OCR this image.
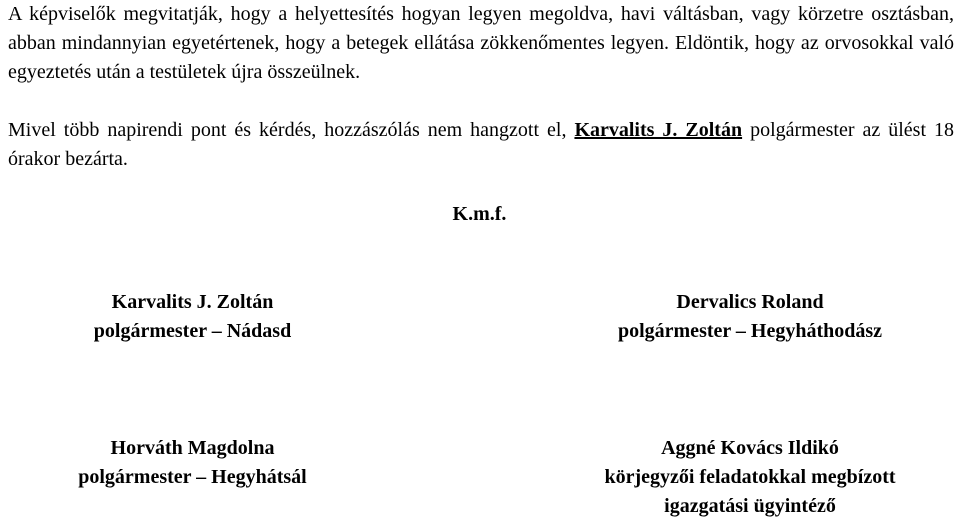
A képviselők megvitatják, hogy a helyettesítés hogyan legyen megoldva, havi váltásban, vagy körzetre osztásban, abban mindannyian egyetértenek, hogy a betegek ellátása zökkenőmentes legyen. Eldöntik, hogy az orvosokkal való egyeztetés után a testületek újra összeülnek.

Mivel több napirendi pont és kérdés, hozzászólás nem hangzott el, Karvalits J. Zoltán polgármester az ülést 18 órakor bezárta.

K.m.f.
Karvalits J. Zoltán
polgármester – Nádasd
Dervalics Roland
polgármester – Hegyháthodász
Horváth Magdolna
polgármester – Hegyhátsál
Aggné Kovács Ildikó
körjegyzői feladatokkal megbízott
igazgatási ügyintéző
